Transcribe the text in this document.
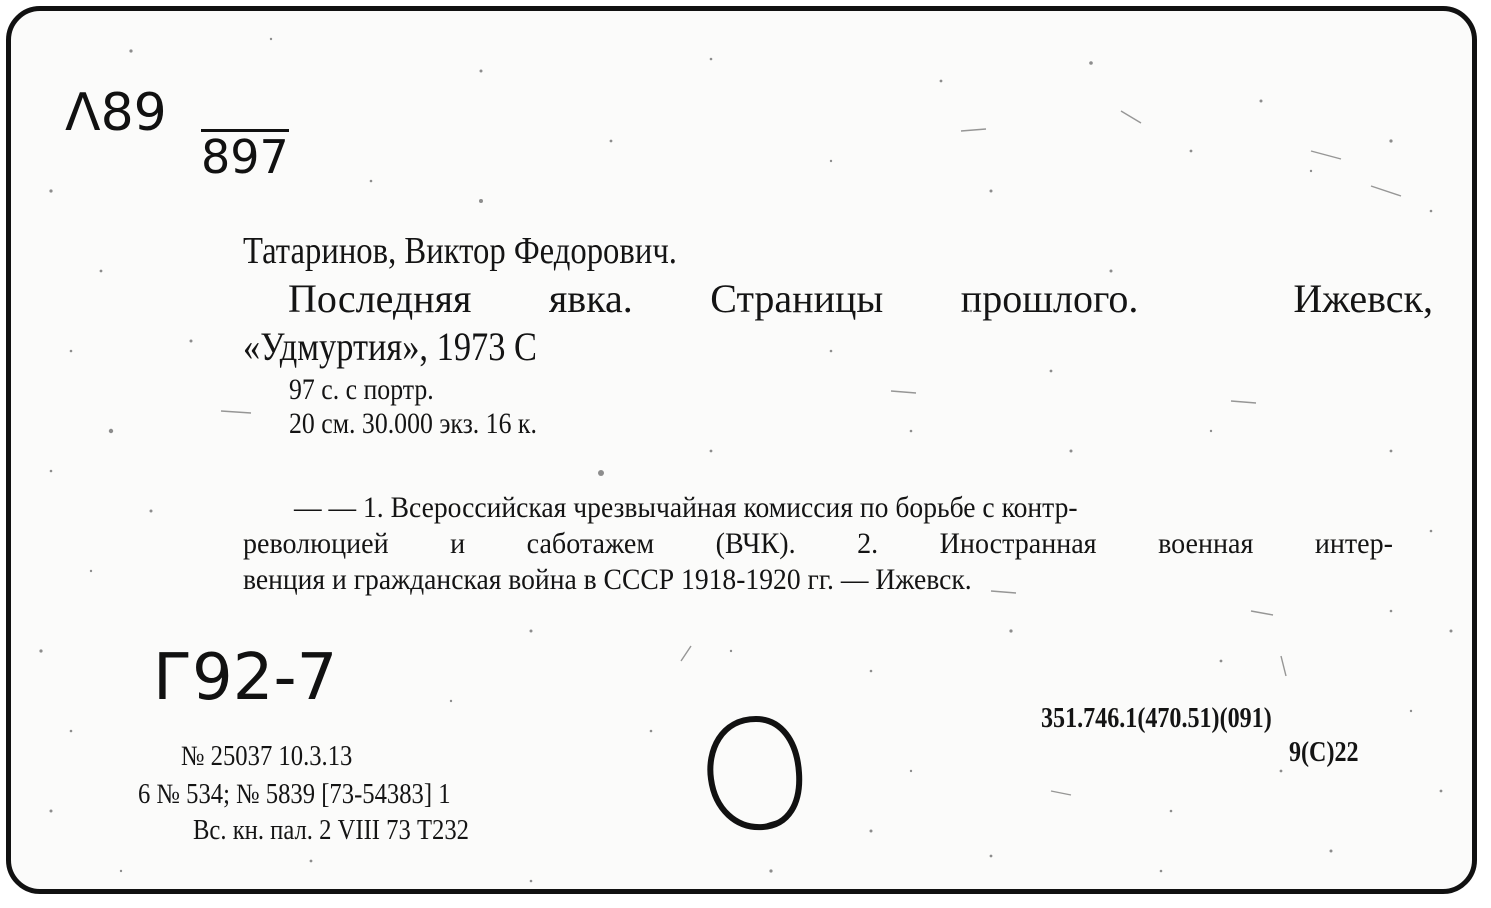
Λ89
897
Татаринов, Виктор Федорович.
Последняя явка. Страницы прошлого.	Ижевск,
«Удмуртия», 1973 С
97 с. с портр.
20 см. 30.000 экз. 16 к.
— — 1. Всероссийская чрезвычайная комиссия по борьбе с контр-
революцией и саботажем (ВЧК). 2. Иностранная военная интер-
венция и гражданская война в СССР 1918-1920 гг. — Ижевск.
Г92-7
351.746.1(470.51)(091)
9(С)22
№ 25037 10.3.13
6 № 534; № 5839 [73-54383] 1
Вс. кн. пал. 2 VIII 73 Т232
